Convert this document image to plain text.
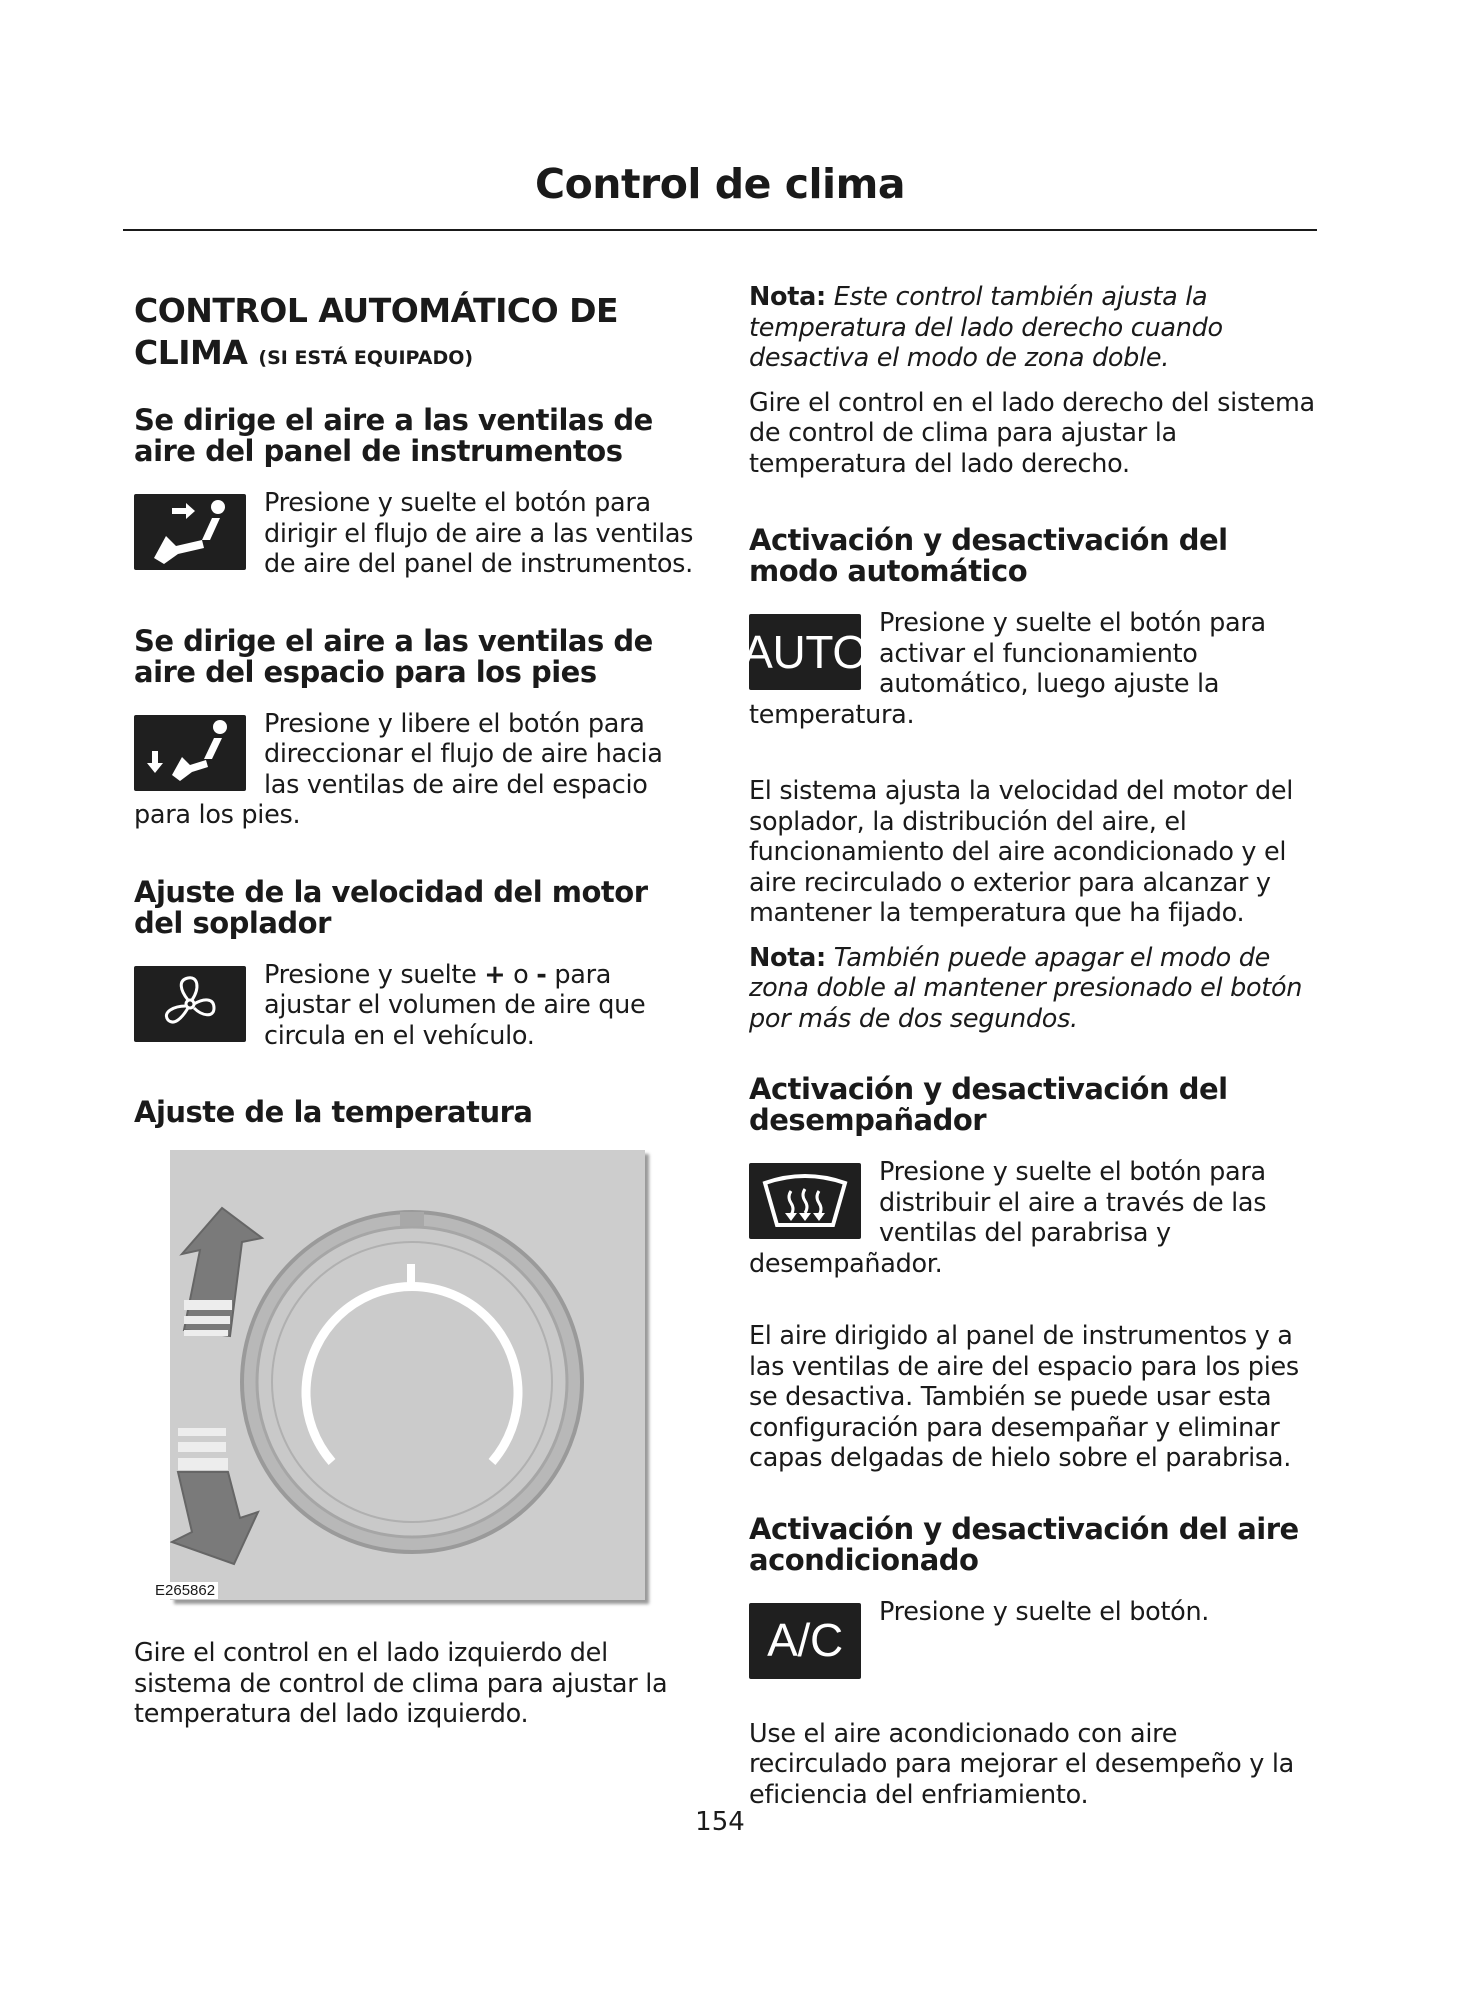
Control de clima
CONTROL AUTOMÁTICO DE CLIMA (SI ESTÁ EQUIPADO)
Se dirige el aire a las ventilas de aire del panel de instrumentos
Presione y suelte el botón para dirigir el flujo de aire a las ventilas de aire del panel de instrumentos.
Se dirige el aire a las ventilas de aire del espacio para los pies
Presione y libere el botón para direccionar el flujo de aire hacia las ventilas de aire del espacio para los pies.
Ajuste de la velocidad del motor del soplador
Presione y suelte + o - para ajustar el volumen de aire que circula en el vehículo.
Ajuste de la temperatura
E265862

Gire el control en el lado izquierdo del sistema de control de clima para ajustar la temperatura del lado izquierdo.

Nota: Este control también ajusta la temperatura del lado derecho cuando desactiva el modo de zona doble.

Gire el control en el lado derecho del sistema de control de clima para ajustar la temperatura del lado derecho.

Activación y desactivación del modo automático
AUTO
Presione y suelte el botón para activar el funcionamiento automático, luego ajuste la temperatura.

El sistema ajusta la velocidad del motor del soplador, la distribución del aire, el funcionamiento del aire acondicionado y el aire recirculado o exterior para alcanzar y mantener la temperatura que ha fijado.

Nota: También puede apagar el modo de zona doble al mantener presionado el botón por más de dos segundos.

Activación y desactivación del desempañador
Presione y suelte el botón para distribuir el aire a través de las ventilas del parabrisa y desempañador.

El aire dirigido al panel de instrumentos y a las ventilas de aire del espacio para los pies se desactiva. También se puede usar esta configuración para desempañar y eliminar capas delgadas de hielo sobre el parabrisa.

Activación y desactivación del aire acondicionado
A/C
Presione y suelte el botón.

Use el aire acondicionado con aire recirculado para mejorar el desempeño y la eficiencia del enfriamiento.

154
